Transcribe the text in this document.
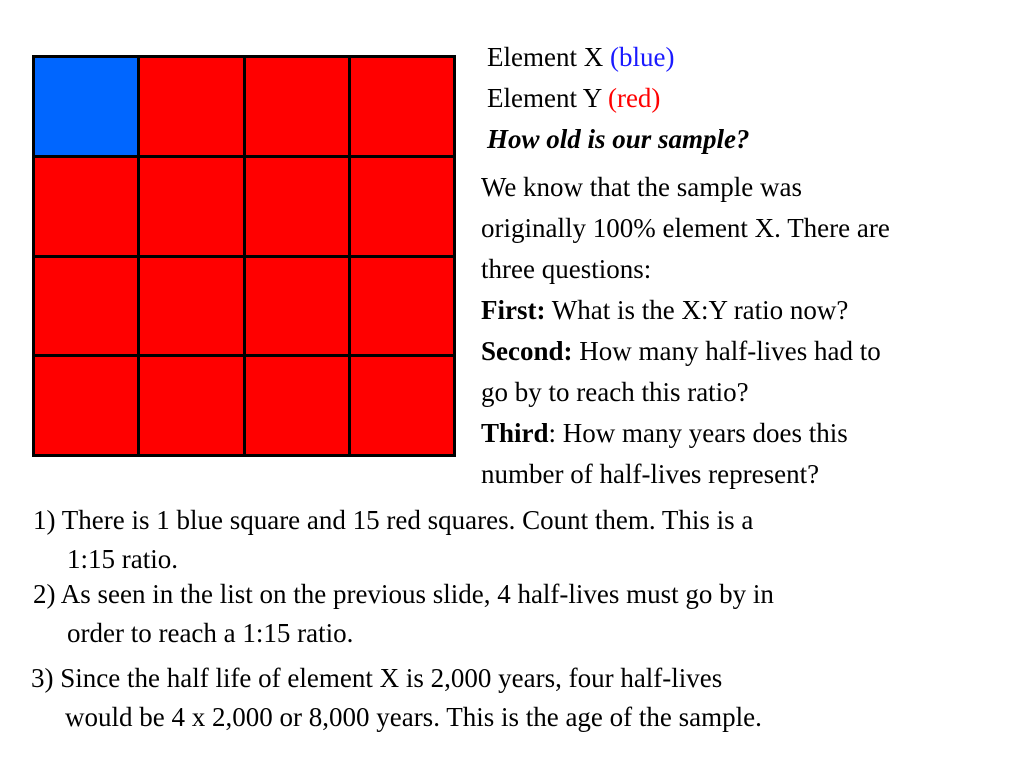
Element X (blue)
Element Y (red)
How old is our sample?
We know that the sample was
originally 100% element X. There are
three questions:
First: What is the X:Y ratio now?
Second: How many half-lives had to
go by to reach this ratio?
Third: How many years does this
number of half-lives represent?
1) There is 1 blue square and 15 red squares. Count them. This is a
1:15 ratio.
2) As seen in the list on the previous slide, 4 half-lives must go by in
order to reach a 1:15 ratio.
3) Since the half life of element X is 2,000 years, four half-lives
would be 4 x 2,000 or 8,000 years. This is the age of the sample.
